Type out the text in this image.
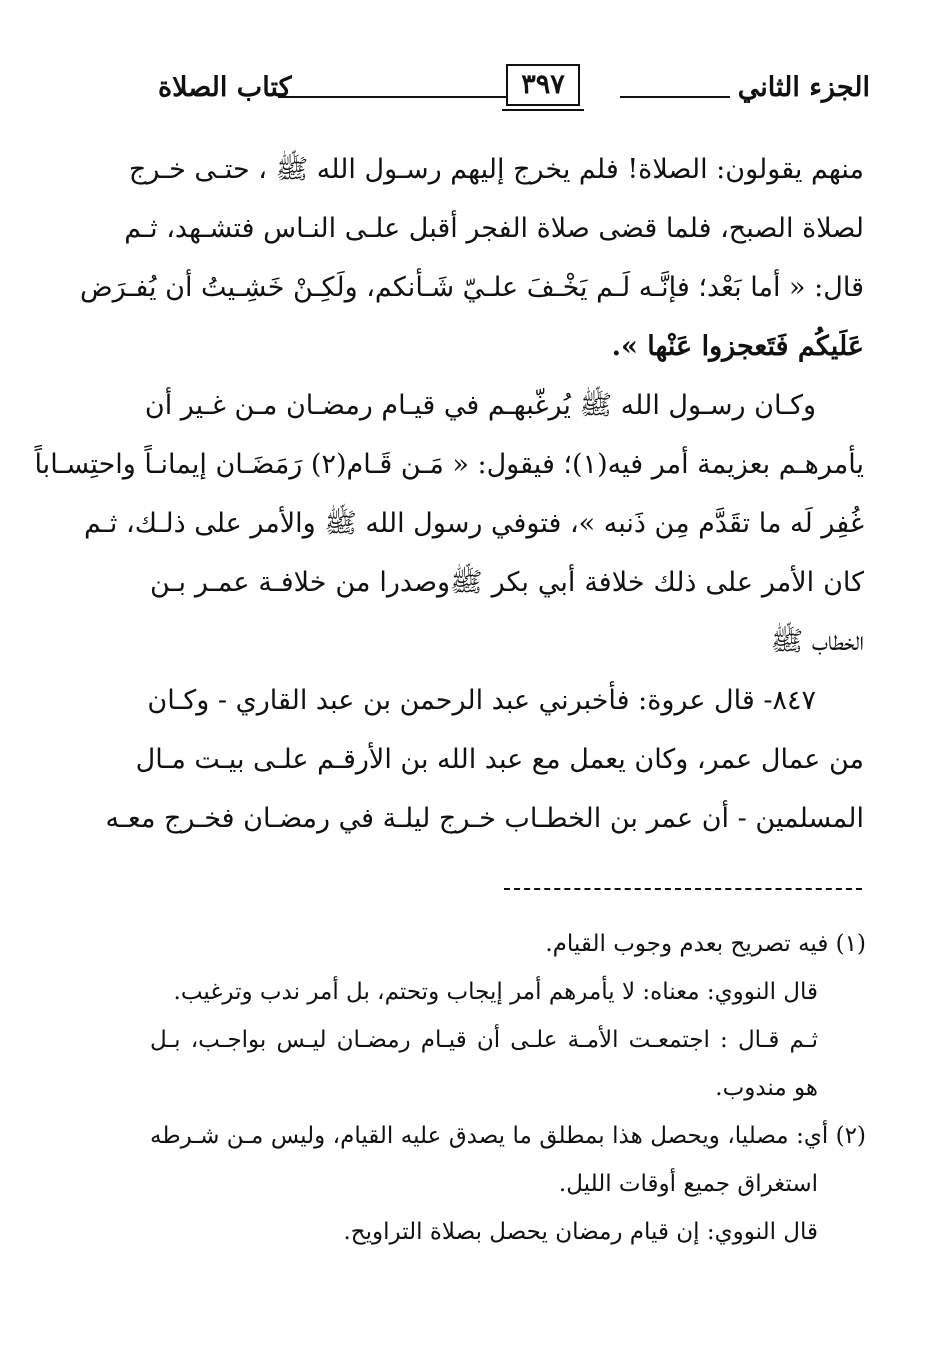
الجزء الثاني
٣٩٧
كتاب الصلاة
منهم يقولون: الصلاة! فلم يخرج إليهم رسـول الله ﷺ ، حتـى خـرج
لصلاة الصبح، فلما قضى صلاة الفجر أقبل علـى النـاس فتشـهد، ثـم
قال: « أما بَعْد؛ فإنَّـه لَـم يَخْـفَ علـيّ شَـأنكم، ولَكِـنْ خَشِـيتُ أن يُفـرَض
عَلَيكُم فَتَعجزوا عَنْها ».
وكـان رسـول الله ﷺ يُرغّبهـم في قيـام رمضـان مـن غـير أن
يأمرهـم بعزيمة أمر فيه(١)؛ فيقول: « مَـن قَـام(٢) رَمَضَـان إيمانـاً واحتِسـاباً
غُفِر لَه ما تقَدَّم مِن ذَنبه »، فتوفي رسول الله ﷺ والأمر على ذلـك، ثـم
كان الأمر على ذلك خلافة أبي بكر ﷺوصدرا من خلافـة عمـر بـن
الخطاب ﷺ
٨٤٧- قال عروة: فأخبرني عبد الرحمن بن عبد القاري - وكـان
من عمال عمر، وكان يعمل مع عبد الله بن الأرقـم علـى بيـت مـال
المسلمين - أن عمر بن الخطـاب خـرج ليلـة في رمضـان فخـرج معـه
(١) فيه تصريح بعدم وجوب القيام.
قال النووي: معناه: لا يأمرهم أمر إيجاب وتحتم، بل أمر ندب وترغيب.
ثـم قـال : اجتمعـت الأمـة علـى أن قيـام رمضـان ليـس بواجـب، بـل
هو مندوب.
(٢) أي: مصليا، ويحصل هذا بمطلق ما يصدق عليه القيام، وليس مـن شـرطه
استغراق جميع أوقات الليل.
قال النووي: إن قيام رمضان يحصل بصلاة التراويح.
